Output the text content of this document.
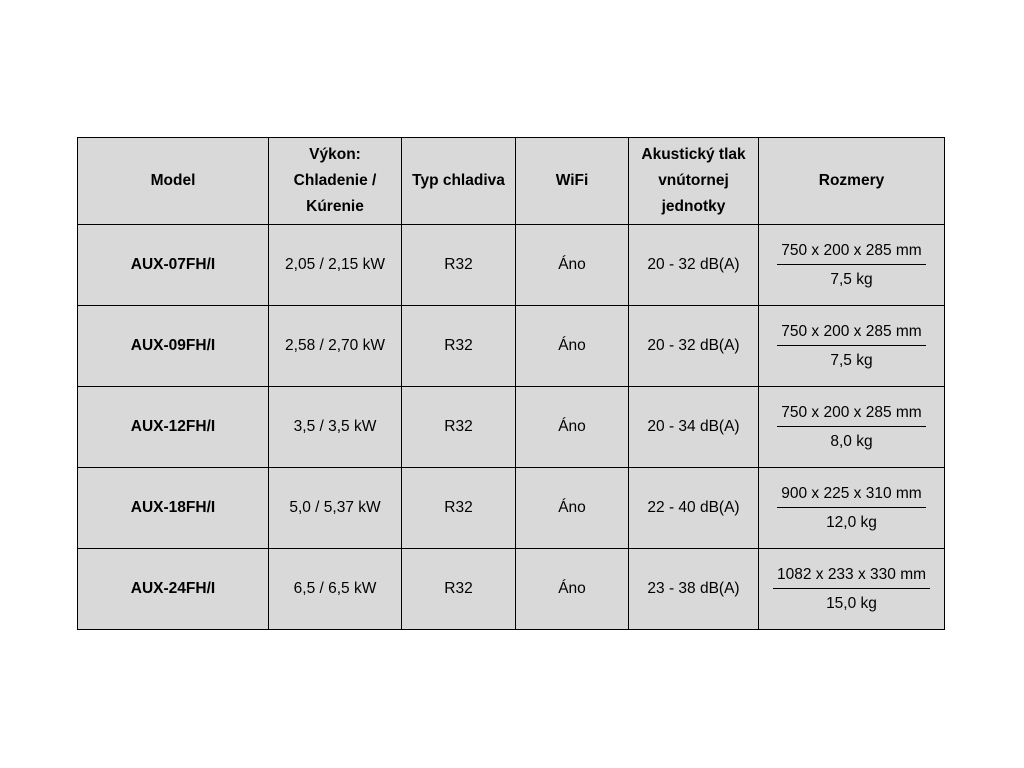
Model	Výkon:
Chladenie /
Kúrenie	Typ chladiva	WiFi	Akustický tlak
vnútornej
jednotky	Rozmery

AUX-07FH/I	2,05 / 2,15 kW	R32	Áno	20 - 32 dB(A)	750 x 200 x 285 mm
7,5 kg

AUX-09FH/I	2,58 / 2,70 kW	R32	Áno	20 - 32 dB(A)	750 x 200 x 285 mm
7,5 kg

AUX-12FH/I	3,5 / 3,5 kW	R32	Áno	20 - 34 dB(A)	750 x 200 x 285 mm
8,0 kg

AUX-18FH/I	5,0 / 5,37 kW	R32	Áno	22 - 40 dB(A)	900 x 225 x 310 mm
12,0 kg

AUX-24FH/I	6,5 / 6,5 kW	R32	Áno	23 - 38 dB(A)	1082 x 233 x 330 mm
15,0 kg
